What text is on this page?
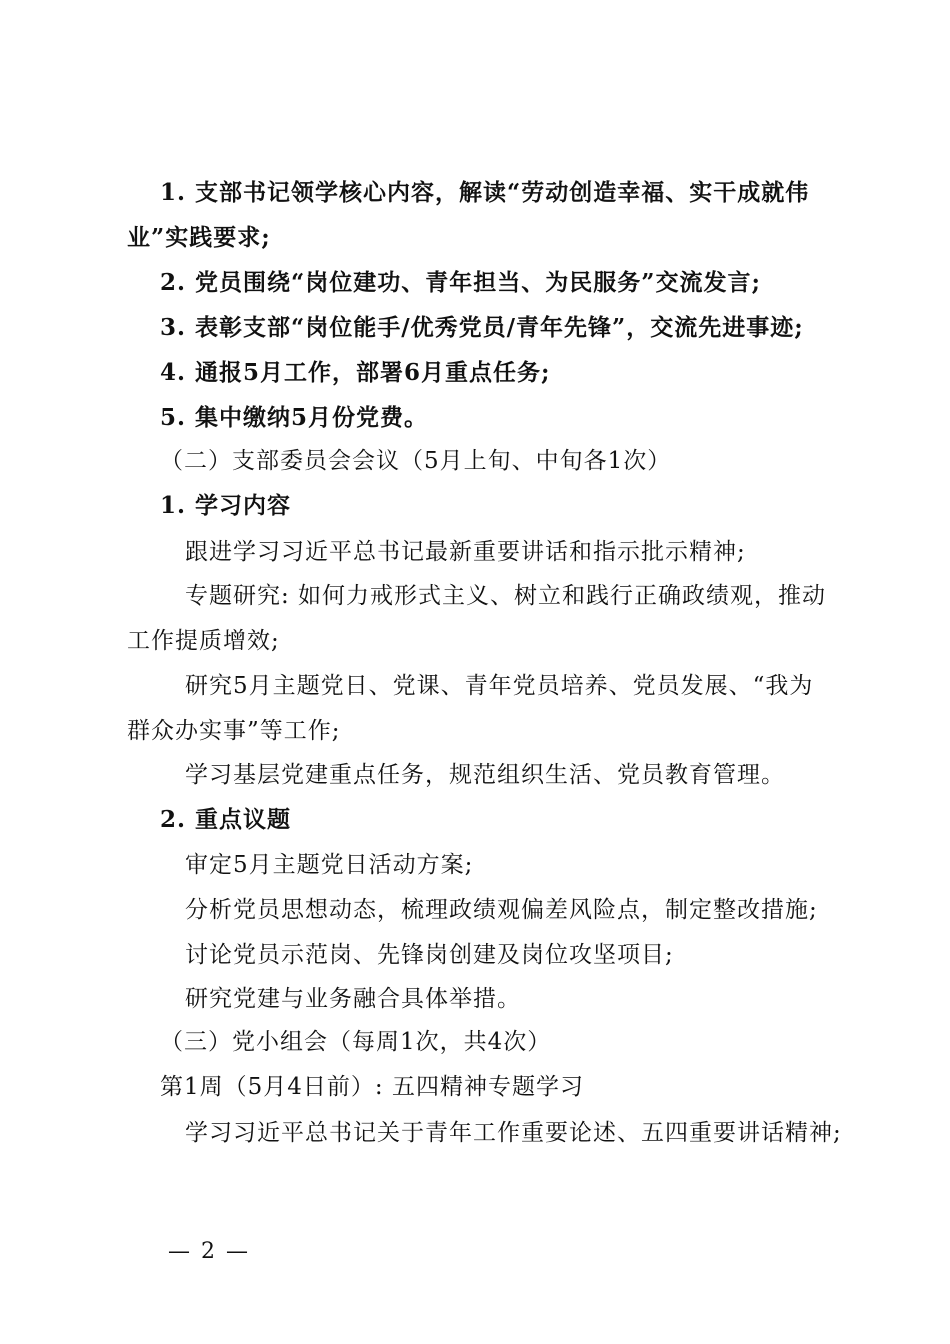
1. 支部书记领学核心内容，解读“劳动创造幸福、实干成就伟
业”实践要求;
2. 党员围绕“岗位建功、青年担当、为民服务”交流发言;
3. 表彰支部“岗位能手/优秀党员/青年先锋”，交流先进事迹;
4. 通报5月工作，部署6月重点任务;
5. 集中缴纳5月份党费。
（二）支部委员会会议（5月上旬、中旬各1次）
1. 学习内容
跟进学习习近平总书记最新重要讲话和指示批示精神;
专题研究: 如何力戒形式主义、树立和践行正确政绩观，推动
工作提质增效;
研究5月主题党日、党课、青年党员培养、党员发展、“我为
群众办实事”等工作;
学习基层党建重点任务，规范组织生活、党员教育管理。
2. 重点议题
审定5月主题党日活动方案;
分析党员思想动态，梳理政绩观偏差风险点，制定整改措施;
讨论党员示范岗、先锋岗创建及岗位攻坚项目;
研究党建与业务融合具体举措。
（三）党小组会（每周1次，共4次）
第1周（5月4日前）: 五四精神专题学习
学习习近平总书记关于青年工作重要论述、五四重要讲话精神;
— 2 —
